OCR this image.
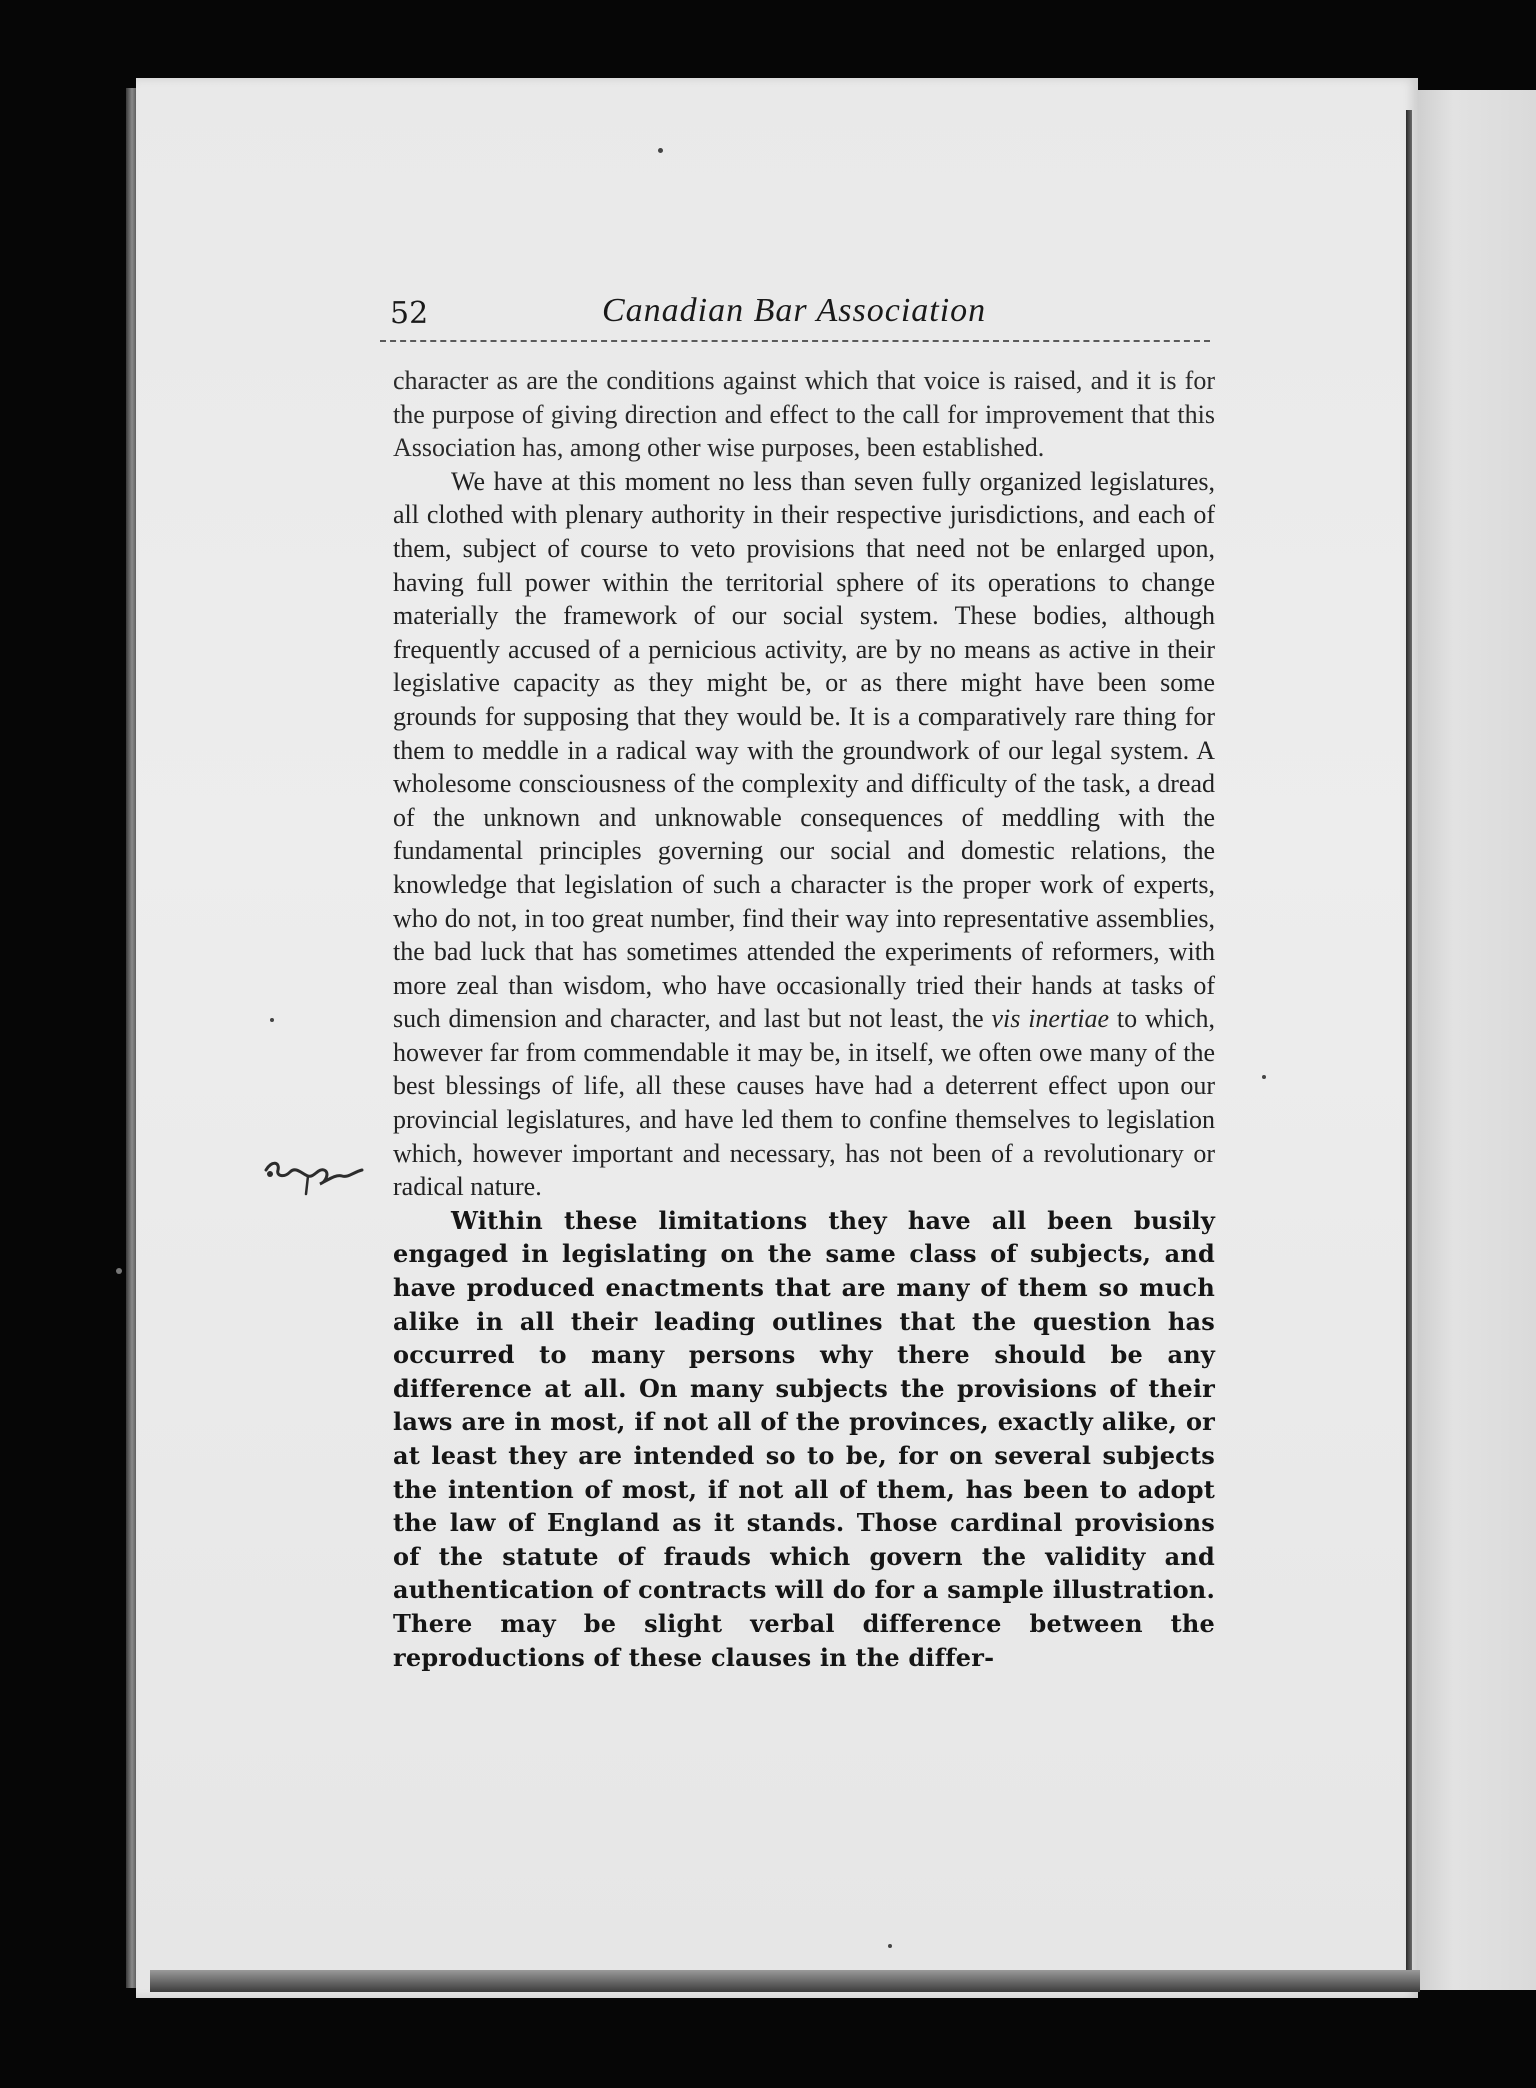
52	Canadian Bar Association

character as are the conditions against which that voice is raised, and it is for the purpose of giving direction and effect to the call for improvement that this Association has, among other wise purposes, been established.

We have at this moment no less than seven fully organized legislatures, all clothed with plenary authority in their respective jurisdictions, and each of them, subject of course to veto provisions that need not be enlarged upon, having full power within the territorial sphere of its operations to change materially the framework of our social system. These bodies, although frequently accused of a pernicious activity, are by no means as active in their legislative capacity as they might be, or as there might have been some grounds for supposing that they would be. It is a comparatively rare thing for them to meddle in a radical way with the groundwork of our legal system. A wholesome consciousness of the complexity and difficulty of the task, a dread of the unknown and unknowable consequences of meddling with the fundamental principles governing our social and domestic relations, the knowledge that legislation of such a character is the proper work of experts, who do not, in too great number, find their way into representative assemblies, the bad luck that has sometimes attended the experiments of reformers, with more zeal than wisdom, who have occasionally tried their hands at tasks of such dimension and character, and last but not least, the vis inertiae to which, however far from commendable it may be, in itself, we often owe many of the best blessings of life, all these causes have had a deterrent effect upon our provincial legislatures, and have led them to confine themselves to legislation which, however important and necessary, has not been of a revolutionary or radical nature.

Within these limitations they have all been busily engaged in legislating on the same class of subjects, and have produced enactments that are many of them so much alike in all their leading outlines that the question has occurred to many persons why there should be any difference at all. On many subjects the provisions of their laws are in most, if not all of the provinces, exactly alike, or at least they are intended so to be, for on several subjects the intention of most, if not all of them, has been to adopt the law of England as it stands. Those cardinal provisions of the statute of frauds which govern the validity and authentication of contracts will do for a sample illustration. There may be slight verbal difference between the reproductions of these clauses in the differ-
